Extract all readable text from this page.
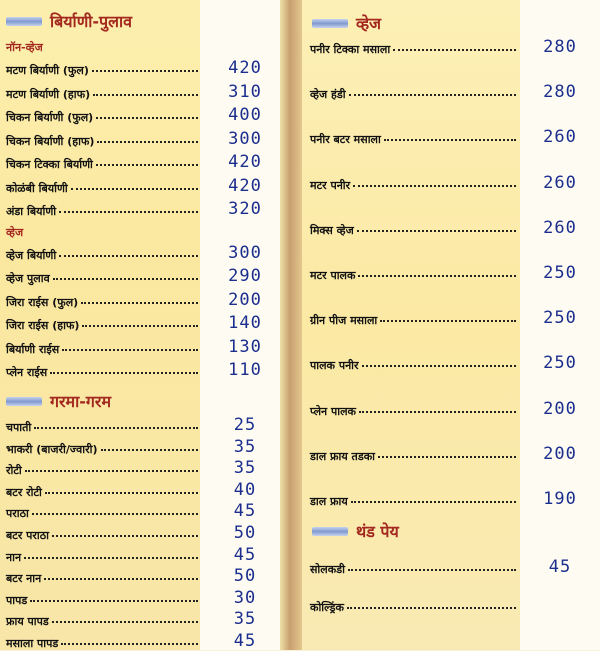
बिर्याणी-पुलाव
नॉन-व्हेज
मटण बिर्याणी (फुल)	420
मटण बिर्याणी (हाफ)	310
चिकन बिर्याणी (फुल)	400
चिकन बिर्याणी (हाफ)	300
चिकन टिक्का बिर्याणी	420
कोळंबी बिर्याणी	420
अंडा बिर्याणी	320
व्हेज
व्हेज बिर्याणी	300
व्हेज पुलाव	290
जिरा राईस (फुल)	200
जिरा राईस (हाफ)	140
बिर्याणी राईस	130
प्लेन राईस	110
गरमा-गरम
चपाती	25
भाकरी (बाजरी/ज्वारी)	35
रोटी	35
बटर रोटी	40
पराठा	45
बटर पराठा	50
नान	45
बटर नान	50
पापड	30
फ्राय पापड	35
मसाला पापड	45
व्हेज
पनीर टिक्का मसाला	280
व्हेज हंडी	280
पनीर बटर मसाला	260
मटर पनीर	260
मिक्स व्हेज	260
मटर पालक	250
ग्रीन पीज मसाला	250
पालक पनीर	250
प्लेन पालक	200
डाल फ्राय तडका	200
डाल फ्राय	190
थंड पेय
सोलकडी	45
कोल्ड्रिंक
